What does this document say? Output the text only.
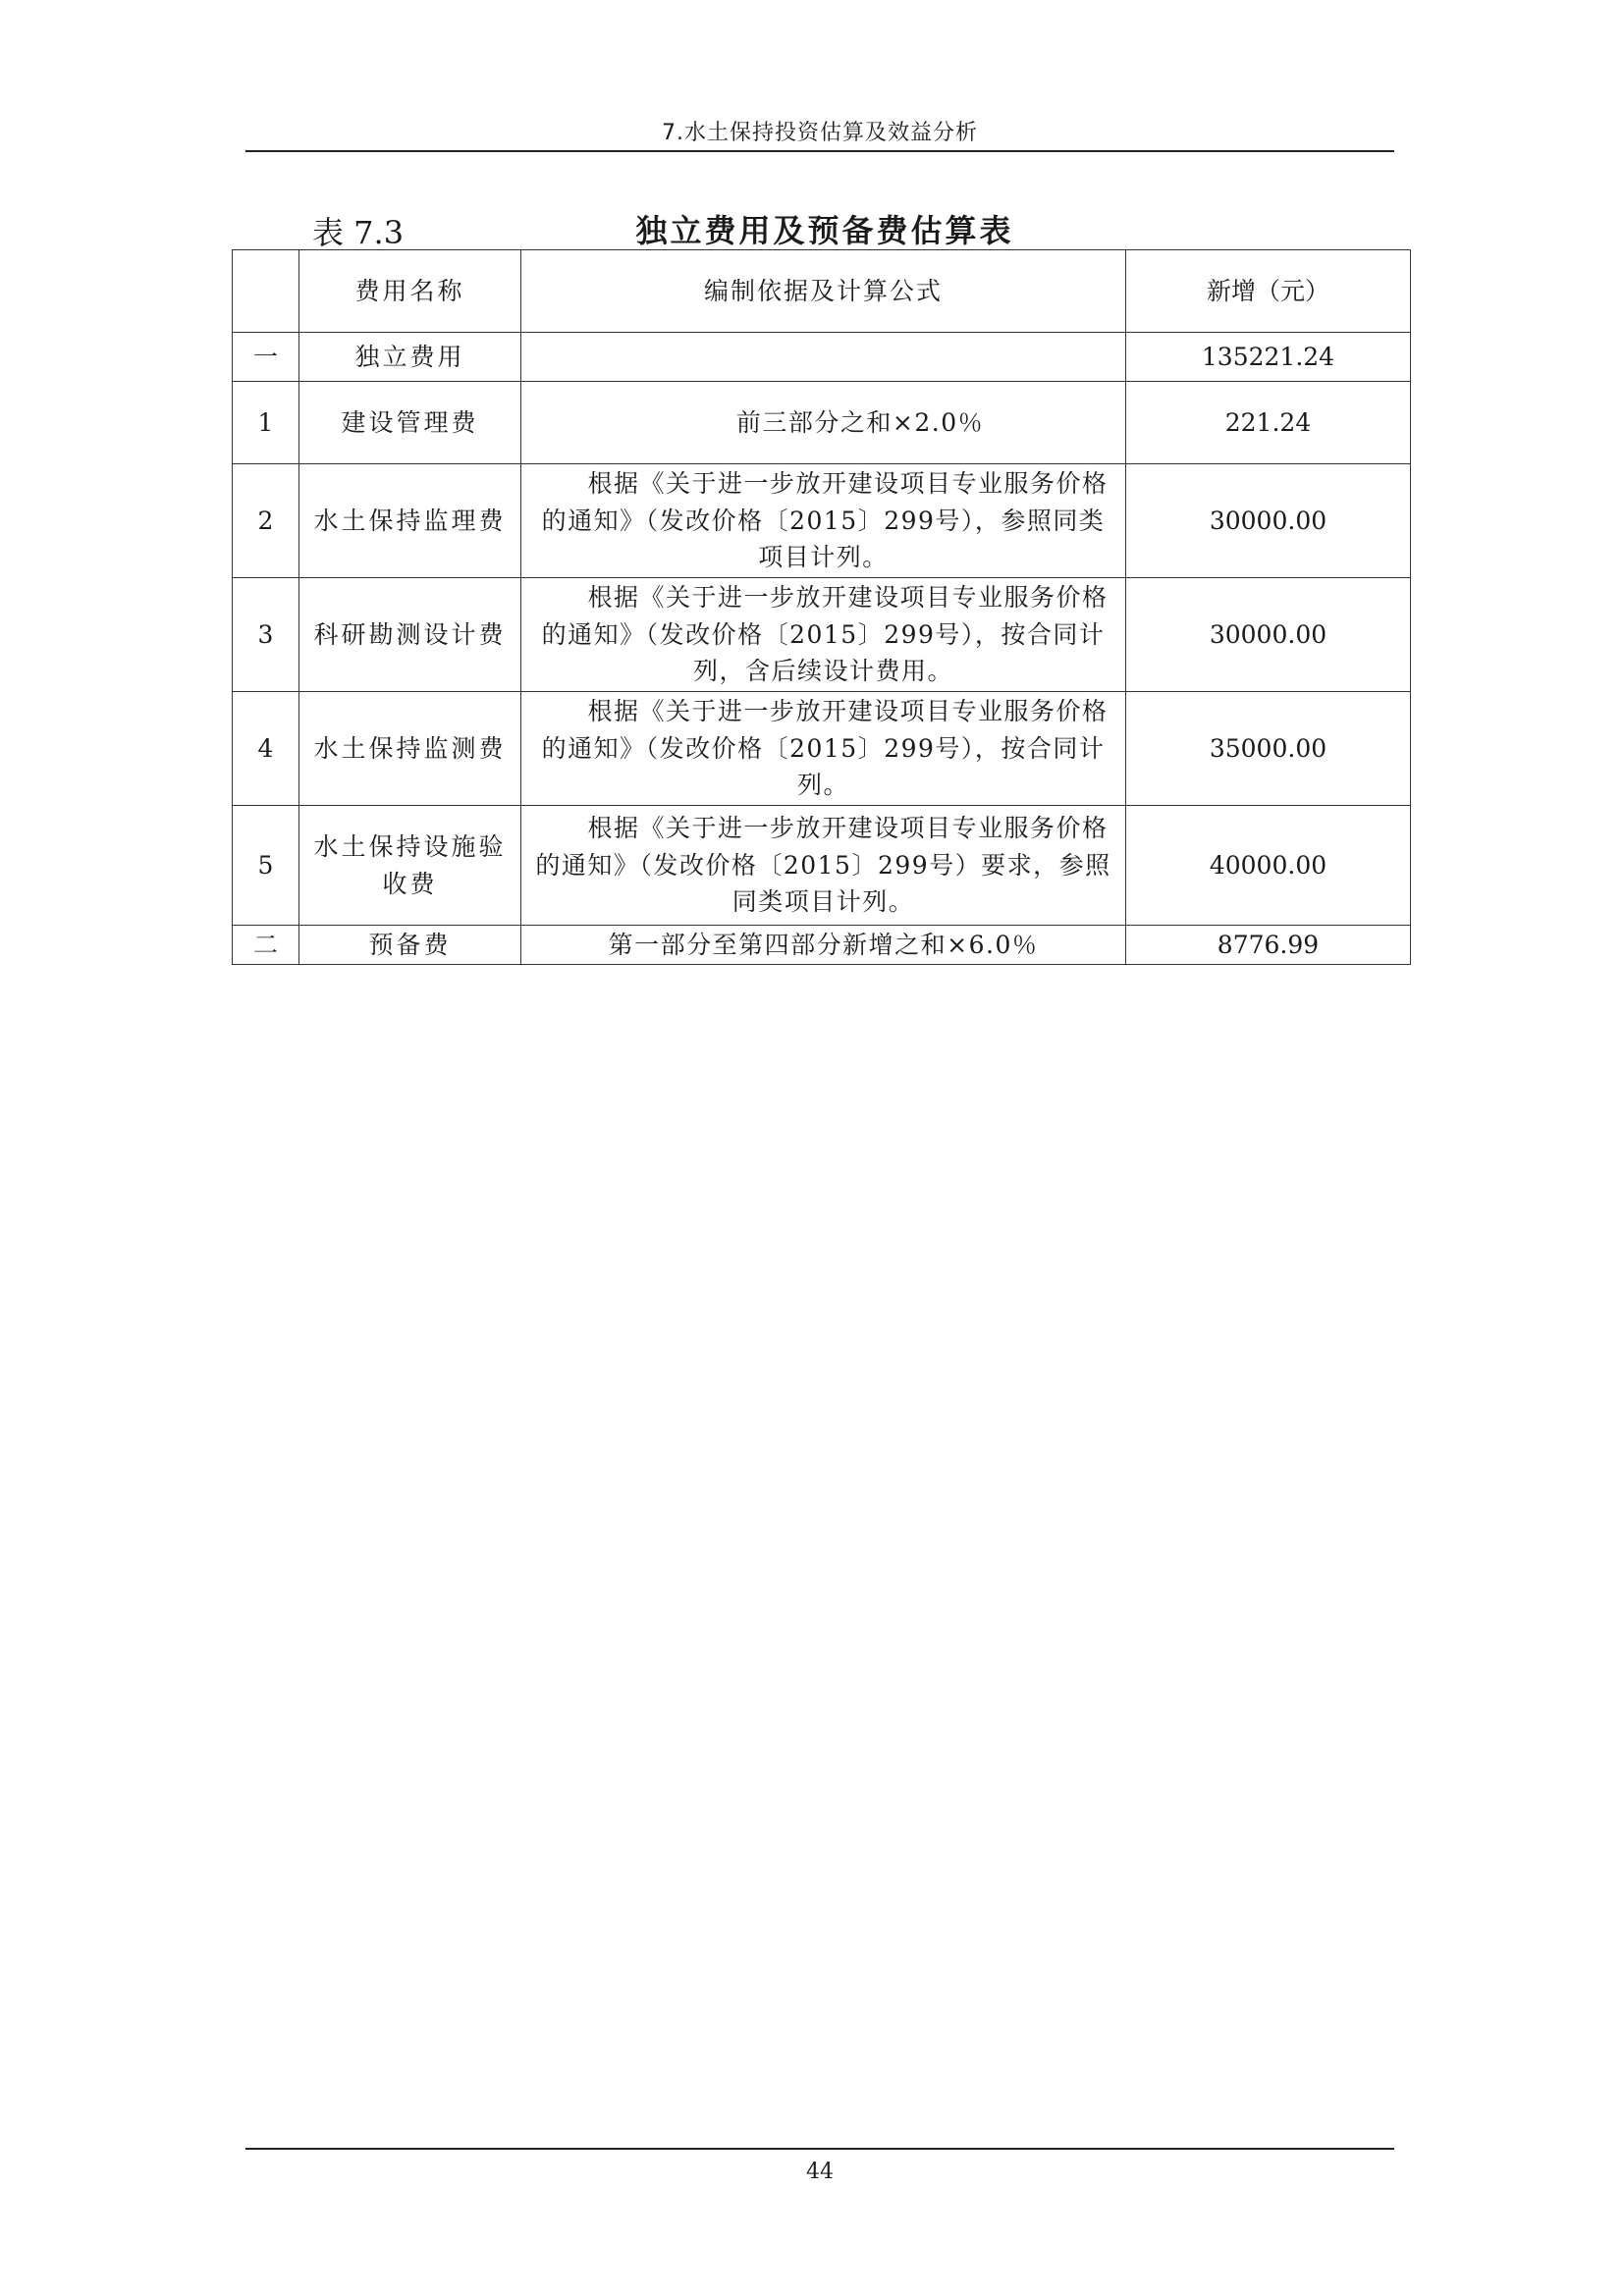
7.水土保持投资估算及效益分析
表 7.3	独立费用及预备费估算表
	费用名称	编制依据及计算公式	新增（元）
一	独立费用		135221.24
1	建设管理费	前三部分之和×2.0％	221.24
2	水土保持监理费	根据《关于进一步放开建设项目专业服务价格的通知》（发改价格〔2015〕299号），参照同类项目计列。	30000.00
3	科研勘测设计费	根据《关于进一步放开建设项目专业服务价格的通知》（发改价格〔2015〕299号），按合同计列，含后续设计费用。	30000.00
4	水土保持监测费	根据《关于进一步放开建设项目专业服务价格的通知》（发改价格〔2015〕299号），按合同计列。	35000.00
5	水土保持设施验收费	根据《关于进一步放开建设项目专业服务价格的通知》（发改价格〔2015〕299号）要求，参照同类项目计列。	40000.00
二	预备费	第一部分至第四部分新增之和×6.0％	8776.99
44
